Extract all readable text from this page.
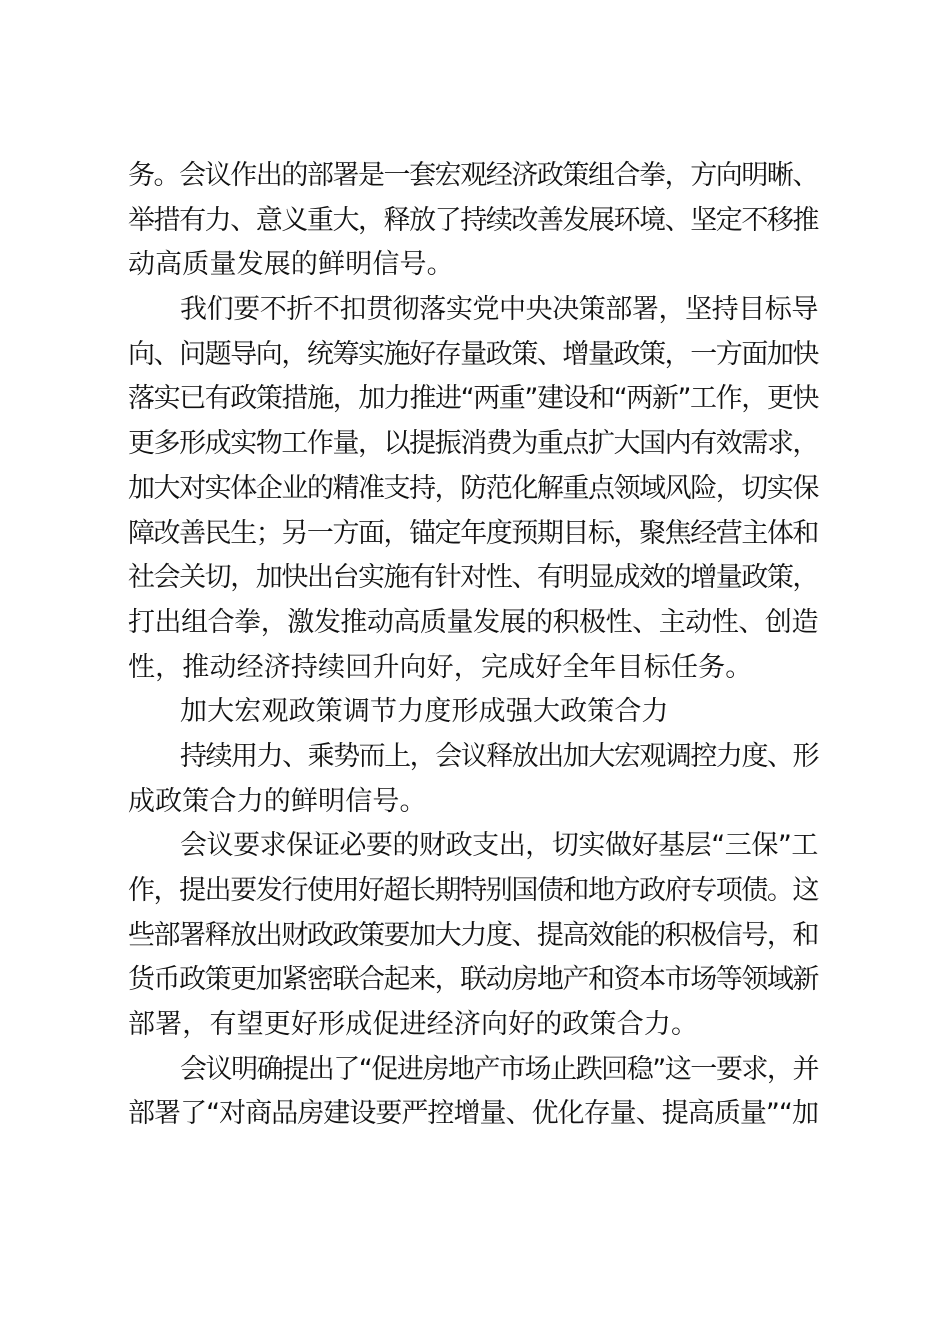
务。会议作出的部署是一套宏观经济政策组合拳，方向明晰、
举措有力、意义重大，释放了持续改善发展环境、坚定不移推
动高质量发展的鲜明信号。
我们要不折不扣贯彻落实党中央决策部署，坚持目标导
向、问题导向，统筹实施好存量政策、增量政策，一方面加快
落实已有政策措施，加力推进“两重”建设和“两新”工作，更快
更多形成实物工作量，以提振消费为重点扩大国内有效需求，
加大对实体企业的精准支持，防范化解重点领域风险，切实保
障改善民生；另一方面，锚定年度预期目标，聚焦经营主体和
社会关切，加快出台实施有针对性、有明显成效的增量政策，
打出组合拳，激发推动高质量发展的积极性、主动性、创造
性，推动经济持续回升向好，完成好全年目标任务。
加大宏观政策调节力度形成强大政策合力
持续用力、乘势而上，会议释放出加大宏观调控力度、形
成政策合力的鲜明信号。
会议要求保证必要的财政支出，切实做好基层“三保”工
作，提出要发行使用好超长期特别国债和地方政府专项债。这
些部署释放出财政政策要加大力度、提高效能的积极信号，和
货币政策更加紧密联合起来，联动房地产和资本市场等领域新
部署，有望更好形成促进经济向好的政策合力。
会议明确提出了“促进房地产市场止跌回稳”这一要求，并
部署了“对商品房建设要严控增量、优化存量、提高质量”“加
